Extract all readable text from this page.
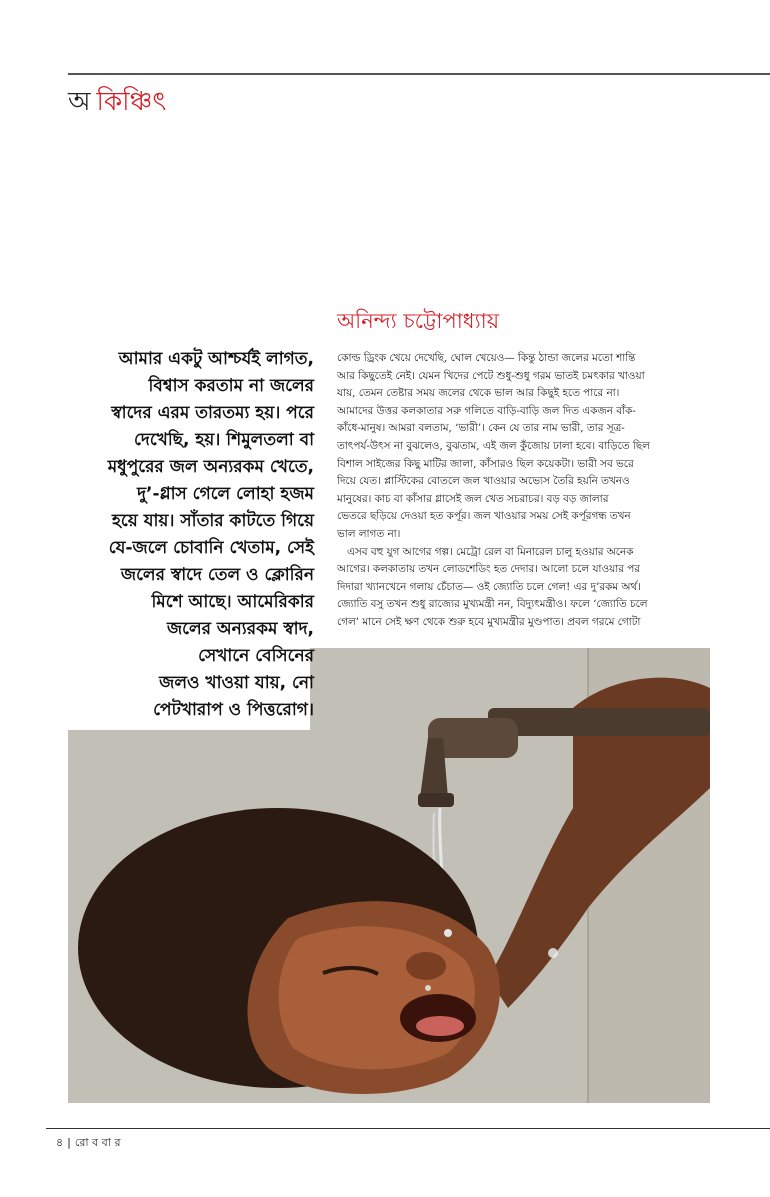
অ কিঞ্চিৎ
অনিন্দ্য চট্টোপাধ্যায়
আমার একটু আশ্চর্যই লাগত,
বিশ্বাস করতাম না জলের
স্বাদের এরম তারতম্য হয়। পরে
দেখেছি, হয়। শিমুলতলা বা
মধুপুরের জল অন্যরকম খেতে,
দু’-গ্লাস গেলে লোহা হজম
হয়ে যায়। সাঁতার কাটতে গিয়ে
যে-জলে চোবানি খেতাম, সেই
জলের স্বাদে তেল ও ক্লোরিন
মিশে আছে। আমেরিকার
জলের অন্যরকম স্বাদ,
সেখানে বেসিনের
জলও খাওয়া যায়, নো
পেটখারাপ ও পিত্তরোগ।
কোল্ড ড্রিংক খেয়ে দেখেছি, ঘোল খেয়েও— কিন্তু ঠান্ডা জলের মতো শান্তি
আর কিছুতেই নেই। যেমন খিদের পেটে শুধু-শুধু গরম ভাতই চমৎকার খাওয়া
যায়, তেমন তেষ্টার সময় জলের থেকে ভাল আর কিছুই হতে পারে না।
আমাদের উত্তর কলকাতার সরু গলিতে বাড়ি-বাড়ি জল দিত একজন বাঁক-
কাঁধে-মানুষ। আমরা বলতাম, ‘ভারী’। কেন যে তার নাম ভারী, তার সূত্র-
তাৎপর্য-উৎস না বুঝলেও, বুঝতাম, এই জল কুঁজোয় ঢালা হবে। বাড়িতে ছিল
বিশাল সাইজের কিছু মাটির জালা, কাঁসারও ছিল কয়েকটা। ভারী সব ভরে
দিয়ে যেত। প্লাস্টিকের বোতলে জল খাওয়ার অভ্যেস তৈরি হয়নি তখনও
মানুষের। কাচ বা কাঁসার গ্লাসেই জল খেত সচরাচর। বড় বড় জালার
ভেতরে ছড়িয়ে দেওয়া হত কর্পূর। জল খাওয়ার সময় সেই কর্পূরগন্ধ তখন
ভাল লাগত না।
এসব বহু যুগ আগের গল্প। মেট্রো রেল বা মিনারেল চালু হওয়ার অনেক
আগের। কলকাতায় তখন লোডশেডিং হত দেদার। আলো চলে যাওয়ার পর
দিদারা খ্যানখেনে গলায় চেঁচাত— ওই জ্যোতি চলে গেল! এর দু’রকম অর্থ।
জ্যোতি বসু তখন শুধু রাজ্যের মুখ্যমন্ত্রী নন, বিদ্যুৎমন্ত্রীও। ফলে ‘জ্যোতি চলে
গেল’ মানে সেই ক্ষণ থেকে শুরু হবে মুখ্যমন্ত্রীর মুণ্ডপাত। প্রবল গরমে গোটা
৪ | রো ব বা র
